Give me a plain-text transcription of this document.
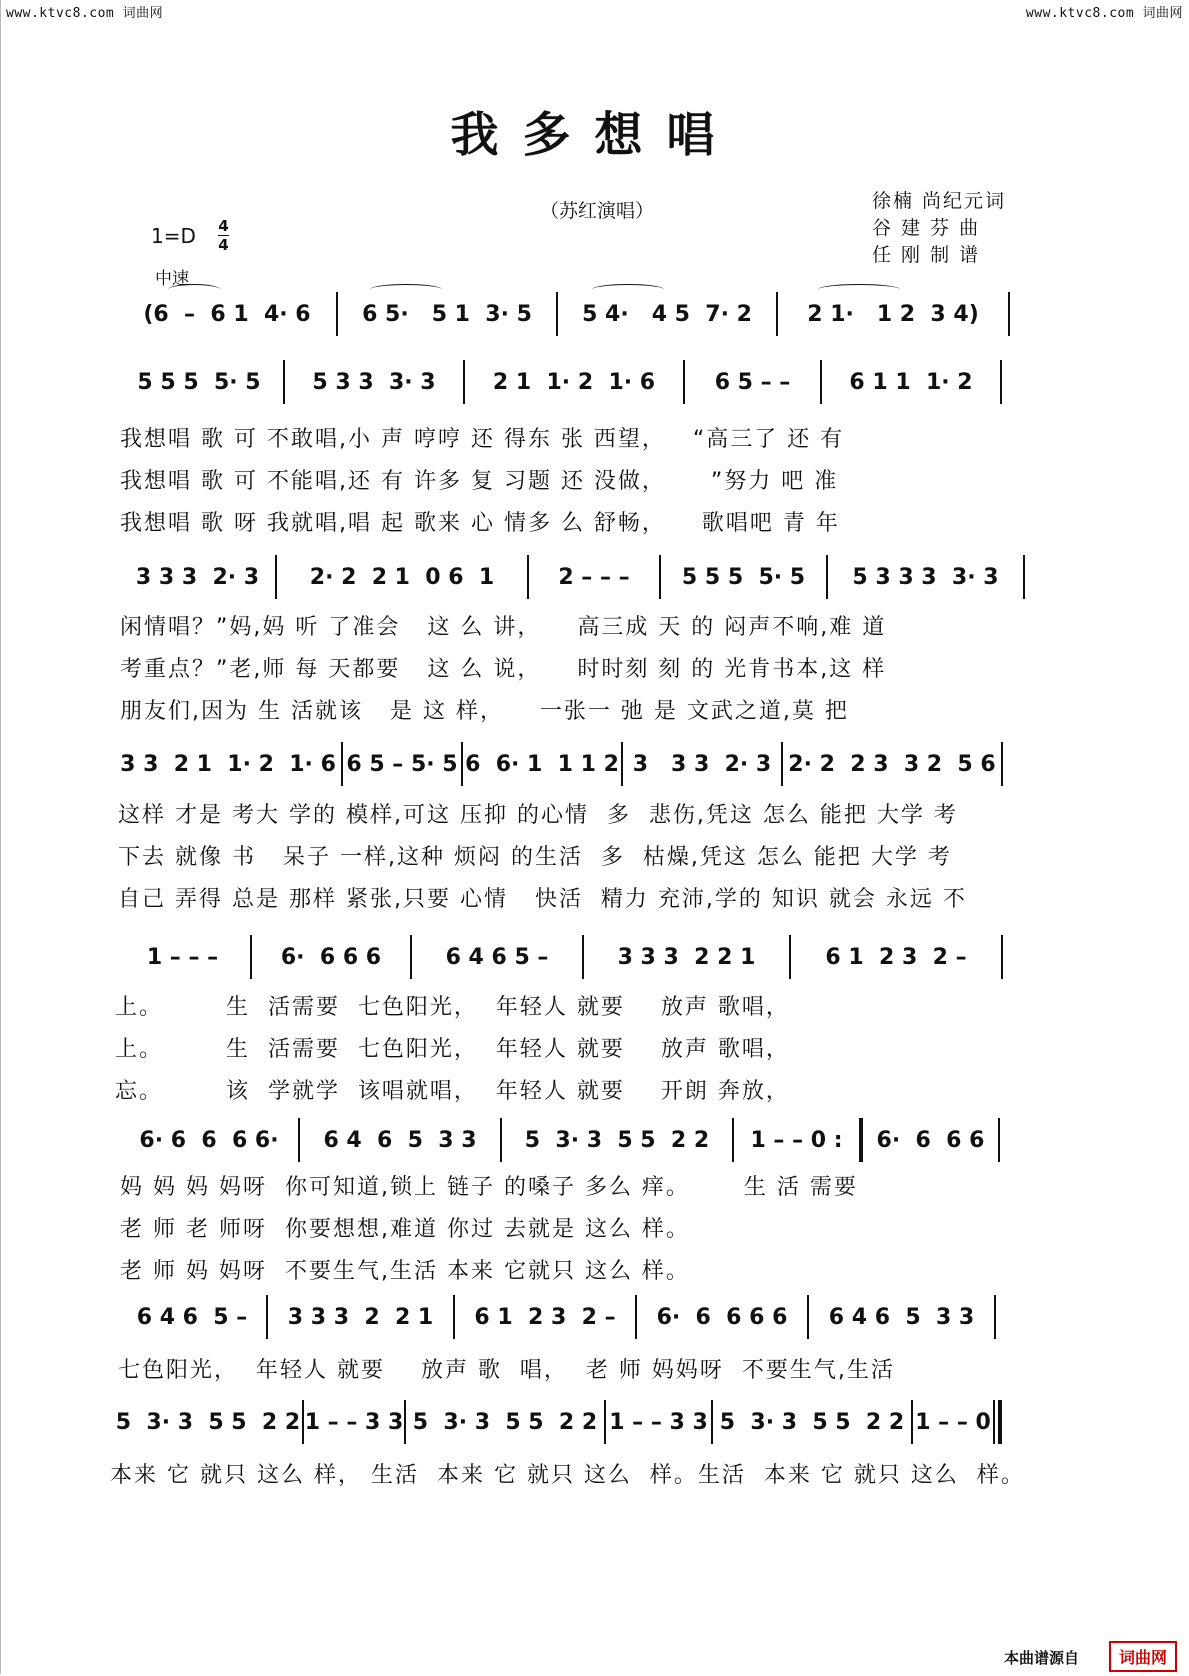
www.ktvc8.com 词曲网	www.ktvc8.com 词曲网
我多想唱
（苏红演唱）	徐楠 尚纪元词
谷 建 芬 曲
任 刚 制 谱
1=D 4
4
中速
(6  –  6 1  4· 6	6 5·   5 1  3· 5	5 4·   4 5  7· 2	2 1·   1 2  3 4)
5 5 5  5· 5	5 3 3  3· 3	2 1  1· 2  1· 6	6 5 – –	6 1 1  1· 2
我想唱 歌 可 不敢唱,小 声 哼哼 还 得东 张 西望，   “高三了 还 有
我想唱 歌 可 不能唱,还 有 许多 复 习题 还 没做，     ”努力 吧 准
我想唱 歌 呀 我就唱,唱 起 歌来 心 情多 么 舒畅，    歌唱吧 青 年
3 3 3  2· 3	2· 2  2 1  0 6  1	2 – – –	5 5 5  5· 5	5 3 3 3  3· 3
闲情唱？”妈,妈 听 了准会   这 么 讲，    高三成 天 的 闷声不响,难 道
考重点？”老,师 每 天都要   这 么 说，    时时刻 刻 的 光肯书本,这 样
朋友们,因为 生 活就该   是 这 样，    一张一 弛 是 文武之道,莫 把
3 3  2 1  1· 2  1· 6 6 5 – 5· 5 6  6· 1  1 1 2 3   3 3  2· 3 2· 2  2 3  3 2  5 6
这样 才是 考大 学的 模样,可这 压抑 的心情  多  悲伤,凭这 怎么 能把 大学 考
下去 就像 书   呆子 一样,这种 烦闷 的生活  多  枯燥,凭这 怎么 能把 大学 考
自己 弄得 总是 那样 紧张,只要 心情   快活  精力 充沛,学的 知识 就会 永远 不
1 – – –	6·  6 6 6	6 4 6 5 –	3 3 3  2 2 1	6 1  2 3  2 –
上。       生  活需要  七色阳光，  年轻人 就要    放声 歌唱，
上。       生  活需要  七色阳光，  年轻人 就要    放声 歌唱，
忘。       该  学就学  该唱就唱，  年轻人 就要    开朗 奔放，
6· 6  6  6 6·	6 4  6  5  3 3	5  3· 3  5 5  2 2	1 – – 0 :	6·  6  6 6
妈 妈 妈 妈呀  你可知道,锁上 链子 的嗓子 多么 痒。      生 活 需要
老 师 老 师呀  你要想想,难道 你过 去就是 这么 样。
老 师 妈 妈呀  不要生气,生活 本来 它就只 这么 样。
6 4 6  5 –	3 3 3  2  2 1	6 1  2 3  2 –	6·  6  6 6 6	6 4 6  5  3 3
七色阳光，  年轻人 就要    放声 歌  唱，  老 师 妈妈呀  不要生气,生活
5  3· 3  5 5  2 2 1 – – 3 3 5  3· 3  5 5  2 2 1 – – 3 3 5  3· 3  5 5  2 2 1 – – 0
本来 它 就只 这么 样， 生活  本来 它 就只 这么  样。生活  本来 它 就只 这么  样。
本曲谱源自	词曲网
